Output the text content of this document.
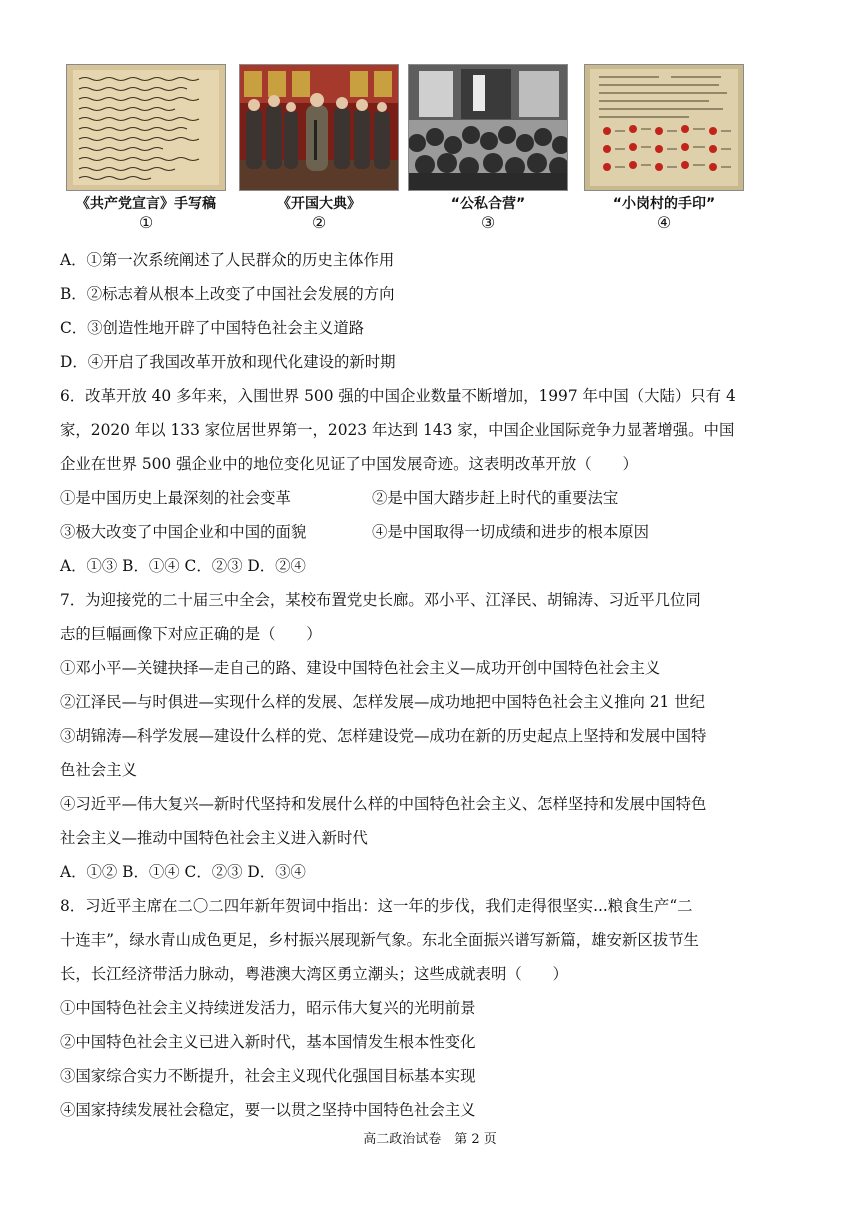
《共产党宣言》手写稿
①
《开国大典》
②
“公私合营”
③
“小岗村的手印”
④
A．①第一次系统阐述了人民群众的历史主体作用
B．②标志着从根本上改变了中国社会发展的方向
C．③创造性地开辟了中国特色社会主义道路
D．④开启了我国改革开放和现代化建设的新时期
6．改革开放 40 多年来，入围世界 500 强的中国企业数量不断增加，1997 年中国（大陆）只有 4
家，2020 年以 133 家位居世界第一，2023 年达到 143 家，中国企业国际竞争力显著增强。中国
企业在世界 500 强企业中的地位变化见证了中国发展奇迹。这表明改革开放（　　）
①是中国历史上最深刻的社会变革	②是中国大踏步赶上时代的重要法宝
③极大改变了中国企业和中国的面貌	④是中国取得一切成绩和进步的根本原因
A．①③ B．①④ C．②③ D．②④
7．为迎接党的二十届三中全会，某校布置党史长廊。邓小平、江泽民、胡锦涛、习近平几位同
志的巨幅画像下对应正确的是（　　）
①邓小平—关键抉择—走自己的路、建设中国特色社会主义—成功开创中国特色社会主义
②江泽民—与时俱进—实现什么样的发展、怎样发展—成功地把中国特色社会主义推向 21 世纪
③胡锦涛—科学发展—建设什么样的党、怎样建设党—成功在新的历史起点上坚持和发展中国特
色社会主义
④习近平—伟大复兴—新时代坚持和发展什么样的中国特色社会主义、怎样坚持和发展中国特色
社会主义—推动中国特色社会主义进入新时代
A．①② B．①④ C．②③ D．③④
8．习近平主席在二〇二四年新年贺词中指出：这一年的步伐，我们走得很坚实...粮食生产“二
十连丰”，绿水青山成色更足，乡村振兴展现新气象。东北全面振兴谱写新篇，雄安新区拔节生
长，长江经济带活力脉动，粤港澳大湾区勇立潮头；这些成就表明（　　）
①中国特色社会主义持续迸发活力，昭示伟大复兴的光明前景
②中国特色社会主义已进入新时代，基本国情发生根本性变化
③国家综合实力不断提升，社会主义现代化强国目标基本实现
④国家持续发展社会稳定，要一以贯之坚持中国特色社会主义
高二政治试卷　第 2 页
